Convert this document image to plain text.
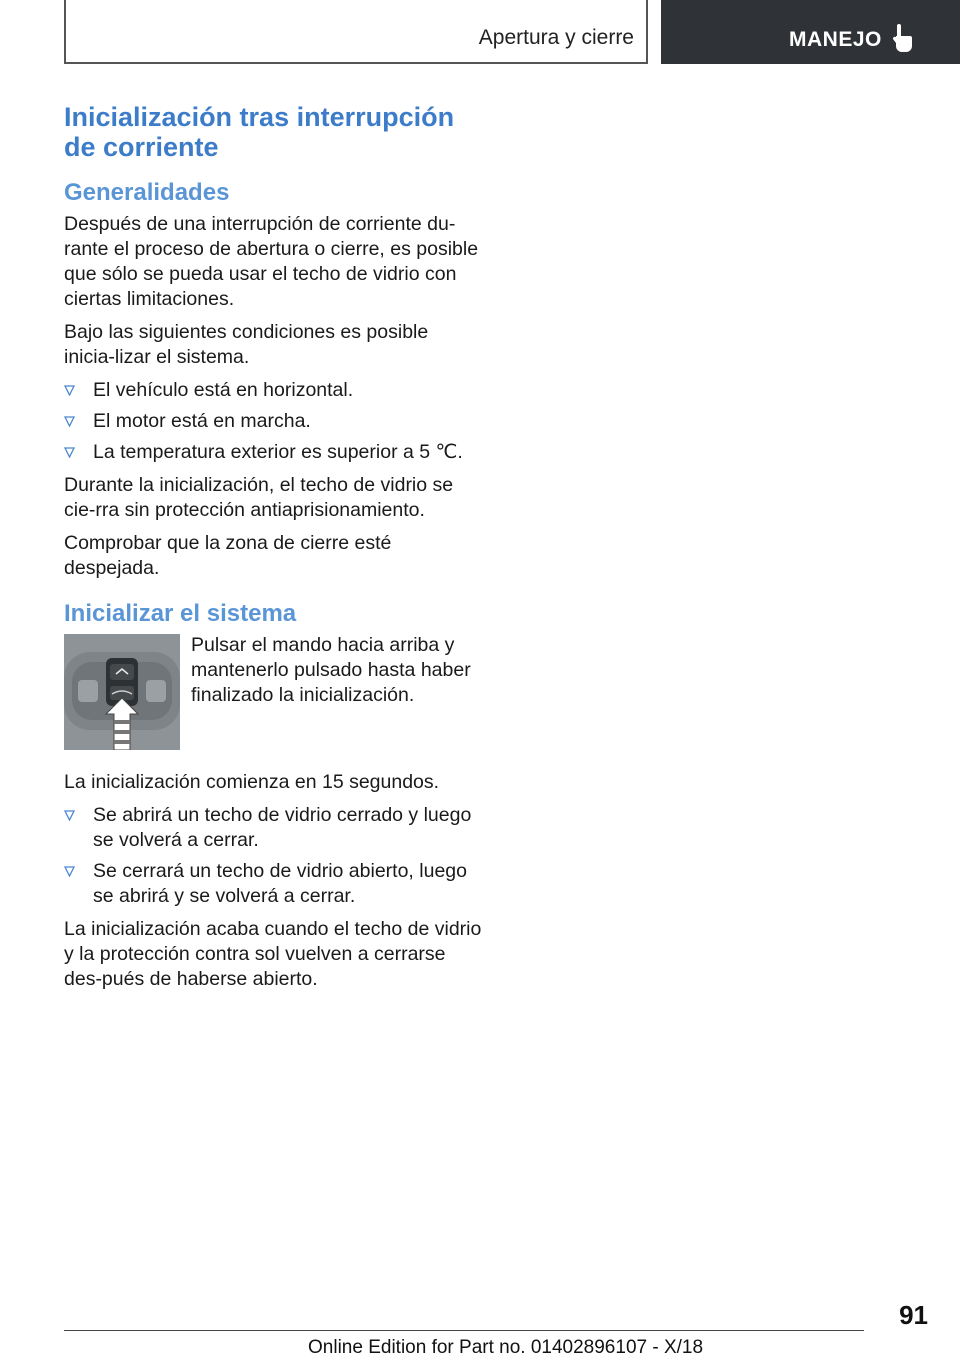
Apertura y cierre	MANEJO
Inicialización tras interrupción de corriente
Generalidades

Después de una interrupción de corriente du-rante el proceso de abertura o cierre, es posible que sólo se pueda usar el techo de vidrio con ciertas limitaciones.

Bajo las siguientes condiciones es posible inicia-lizar el sistema.

El vehículo está en horizontal.
El motor está en marcha.
La temperatura exterior es superior a 5 ℃.

Durante la inicialización, el techo de vidrio se cie-rra sin protección antiaprisionamiento.

Comprobar que la zona de cierre esté despejada.

Inicializar el sistema
Pulsar el mando hacia arriba y mantenerlo pulsado hasta haber finalizado la inicialización.

La inicialización comienza en 15 segundos.

Se abrirá un techo de vidrio cerrado y luego se volverá a cerrar.
Se cerrará un techo de vidrio abierto, luego se abrirá y se volverá a cerrar.

La inicialización acaba cuando el techo de vidrio y la protección contra sol vuelven a cerrarse des-pués de haberse abierto.

91
Online Edition for Part no. 01402896107 - X/18
